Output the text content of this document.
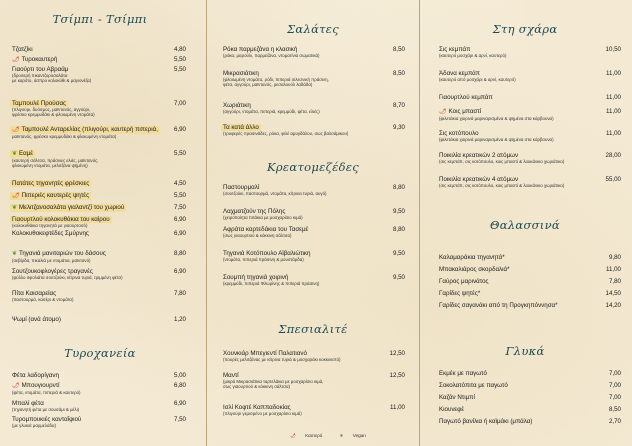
Τσίμπι - Τσίμπι
Τζατζίκι	4,80
🌶 Τυροκαυτερή	5,50
Γιαούρτι του Αβραάμ
(δροσερή πικαντζοροσαλάτα
με καρότο, άσπρο κολοκύθι & μαγιονέζα)
5,50
Ταμπουλέ Προύσας
(πλιγούρι, δυόσμος, μαϊντανός, αγγούρι,
φρέσκο κρεμμυδάκι & φλοιωμένη ντομάτα)
7,00
🌶 Ταμπουλέ Ανταρελίας (πλιγούρι, καυτερή πιπεριά,
μαϊντανός, φρέσκο κρεμμυδάκι & φλοιωμένη ντομάτα)
6,90
❦ Εαμέ
(καυτερή σάλτσα, πράσινες ελιές, μαϊντανός,
φλοιωμένη ντομάτα, μελιτζάνα ψημένη)
5,50
Πατάτες τηγανητές φρέσκιες	4,50
🌶 Πιπεριές καυτερές ψητές	5,50
❦ Μελιτζανοσαλάτα γιαλαντζί του χωριού	7,50
Γιαουρτλού κολοκυθάκια του καίρου
(κολοκυθάκια τηγανητά με γιαουρτοσό)
6,90
Κολοκυθοκεφτέδες Σμύρνης	6,90
❦ Τηγανιά μανιταριών του δάσους
(σεβίρδα, πικαλιά με ντομάτια, μαϊντανό)
8,80
Σουτζουκοφλογέρες τραγανές
(φύλλο σφολιάτα σουτζούκι, κίτρινα τυριά, τριμμένη φέτα)
6,90
Πίτα Καισαρείας
(παστουρμά, κασέρι & ντομάτα)
7,80
Ψωμί (ανά άτομο)	1,20
Τυροχανεία
Φέτα λαδορίγανη	5,00
🌶 Μπουγιουρντί
(φέτα, ντομάτα, πιπεριά & καυτερό)
6,80
Μπαλί φέτα
(τηγανητή φέτα με σουσάμι & μέλι)
6,90
Τυρομπουκιές κανταΐφιού
(με γλυκιά μαρμελάδα)
7,50
Σαλάτες
Ρόκα παρμεζάνα η κλασική
(ρόκα, μαρούλι, παρμεζάνα, ντοματίνια σωματικά)
8,50
Μικρασιάτικη
(φλοιωμένη ντομάτα, ρόδι, πιπεριά σιλεσνική πράσινη,
φέτα, αγγούρι, μαϊντανός, ρεσαλουόλ λαδάδα)
8,50
Χωριάτικη
(αγγούρι, ντομάτα, πιπεριά, κρεμμύδι, φέτα, ελιές)
8,70
Τα κατά άλλο
(τρυφερές πρασινάδες, ρόκα, φιλέ αμυγδάλου, σως βαλσάμικου)
9,30
Κρεατομεζέδες
Παστουρμαλί
(σουτζούκι, παστουρμά, ντομάτα, κίτρινα τυριά, αυγό)
8,80
Λαχματζούν της Πόλης
(χειροποίητα πιτάκια με μοσχαρίσιο κιμά)
9,50
Αφράτα καρτεδάκια του Τασεμέ
(σως γιαουρτιού & κόκκινη σάλτσα)
8,80
Τηγανιά Κοτόπουλο Αϊβαλιώτικη
(ντομάτα, πιπεριά πράσινη & μουστάρδα)
9,50
Σουμπή τηγανιά χοιρινή
(κρεμμύδι, πιπεριά Φλωρίνης & πιπεριά πράσινη)
9,50
Σπεσιαλιτέ
Χουνκιάρ Μπεγιεντί Παλατιανό
(πουρές μελιτζάνας με κίτρινα τυριά & μοσχαράκι κοκκινιστό)
12,50
Μαντί
(μικρά Μικρασιάτικα ταρτελάκια με μοσχαρίσιο κιμά,
σως γιαουρτιού & κόκκινη σάλτσα)
12,50
Ισλί Κοφτέ Καππαδοκίας
(πλιγούρι γεμισμένο με μοσχαρίσιο κιμά)
11,00
Στη σχάρα
Σις κεμπάπ
(καυτερό μοσχάρι & αρνί, καυτερό)
10,50
Άδανα κεμπάπ
(καυτερό από μοσχάρι & αρνί, καυτερό)
11,00
Γιαουρτλού κεμπάπ	11,00
🌶 Κοις μπαστί
(φιλετάκια χοιρινά μαριναρισμένα & ψημένα στα κάρβουνα)
11,00
Σις κοτόπουλο
(φιλετάκια χοιρινά μαριναρισμένα & ψημένα στα κάρβουνα)
11,00
Ποικιλία κρεατικών 2 ατόμων
(σις κεμπάπ, σις κοτόπουλο, κοις μπαστί & λουκάνικο χωριάτικο)
28,00
Ποικιλία κρεατικών 4 ατόμων
(σις κεμπάπ, σις κοτόπουλο, κοις μπαστί & λουκάνικο χωριάτικο)
55,00
Θαλασσινά
Καλαμαράκια τηγανητά*	9,80
Μπακαλιάρος σκορδαλιά*	11,00
Γαύρος μαρινάτος	7,80
Γαρίδες ψητές*	14,50
Γαρίδες σαγανάκι από τη Προγκηπόννησα*	14,20
Γλυκά
Εκμέκ με παγωτό	7,00
Σοκολατόπιτα με παγωτό	7,00
Καζάν Ντιμπί	7,00
Κιουνεφέ	8,50
Παγωτό βανίλια ή καϊμάκι (μπάλα)	2,70
🌶 Καυτερό	❦ Vegan
